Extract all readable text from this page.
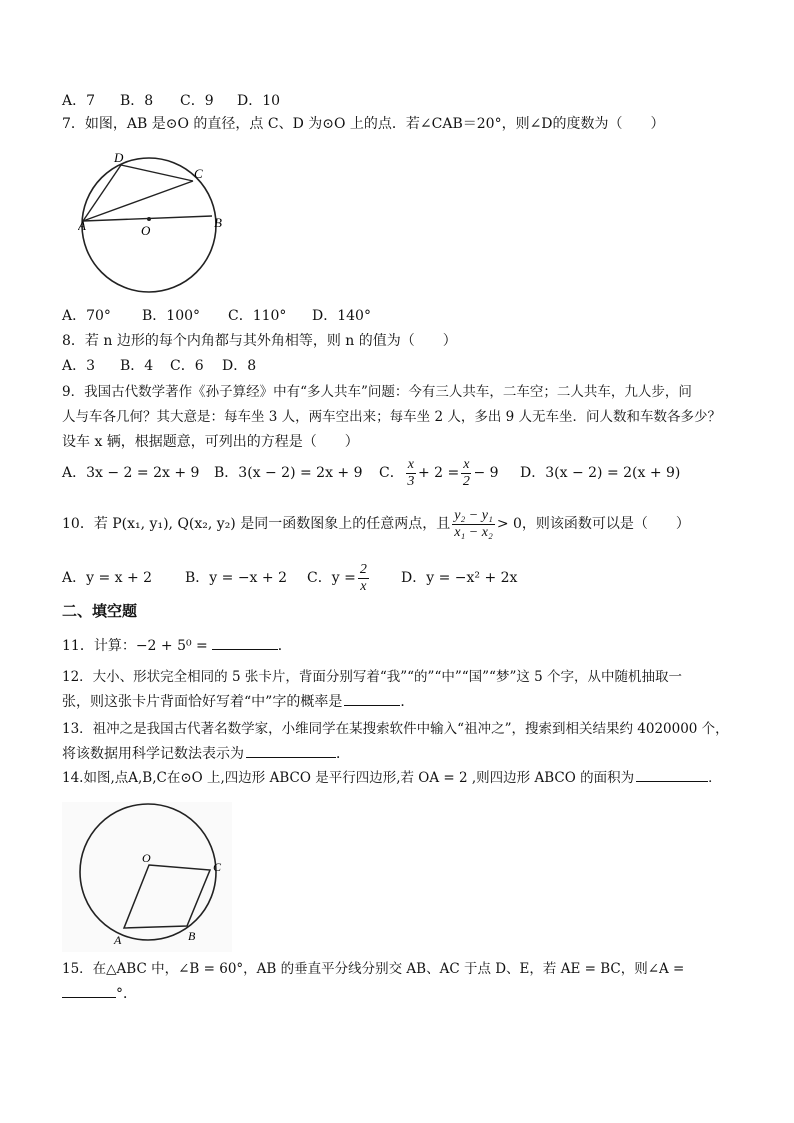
A．7 B．8 C．9 D．10
7．如图，AB 是⊙O 的直径，点 C、D 为⊙O 上的点．若∠CAB＝20°，则∠D的度数为（　　）
A	B
C
D
O
A．70° B．100° C．110° D．140°
8．若 n 边形的每个内角都与其外角相等，则 n 的值为（　　）
A．3 B．4 C．6 D．8
9．我国古代数学著作《孙子算经》中有“多人共车”问题：今有三人共车，二车空；二人共车，九人步，问
人与车各几何？其大意是：每车坐 3 人，两车空出来；每车坐 2 人，多出 9 人无车坐．问人数和车数各多少？
设车 x 辆，根据题意，可列出的方程是（　　）
A．3x − 2 = 2x + 9 B．3(x − 2) = 2x + 9 C． $\frac{x}{3} + 2 = \frac{x}{2} - 9$ D．3(x − 2) = 2(x + 9)
10．若 P(x₁, y₁), Q(x₂, y₂) 是同一函数图象上的任意两点，且 $\frac{\text{y₂ − y₁}}{\text{x₁ − x₂}} > 0$，则该函数可以是（　　）
A．y = x + 2 B．y = −x + 2 C．$y = \frac{2}{x}$ D．y = −x² + 2x
二、填空题
11．计算：−2 + 5⁰ =	．
12．大小、形状完全相同的 5 张卡片，背面分别写着“我”“的”“中”“国”“梦”这 5 个字，从中随机抽取一
张，则这张卡片背面恰好写着“中”字的概率是	．
13．祖冲之是我国古代著名数学家，小维同学在某搜索软件中输入“祖冲之”，搜索到相关结果约 4020000 个，
将该数据用科学记数法表示为	．
14.如图,点A,B,C在⊙O 上,四边形 ABCO 是平行四边形,若 OA = 2 ,则四边形 ABCO 的面积为	．
O
C
B
A
15．在△ABC 中，∠B = 60°，AB 的垂直平分线分别交 AB、AC 于点 D、E，若 AE = BC，则∠A =
°．
